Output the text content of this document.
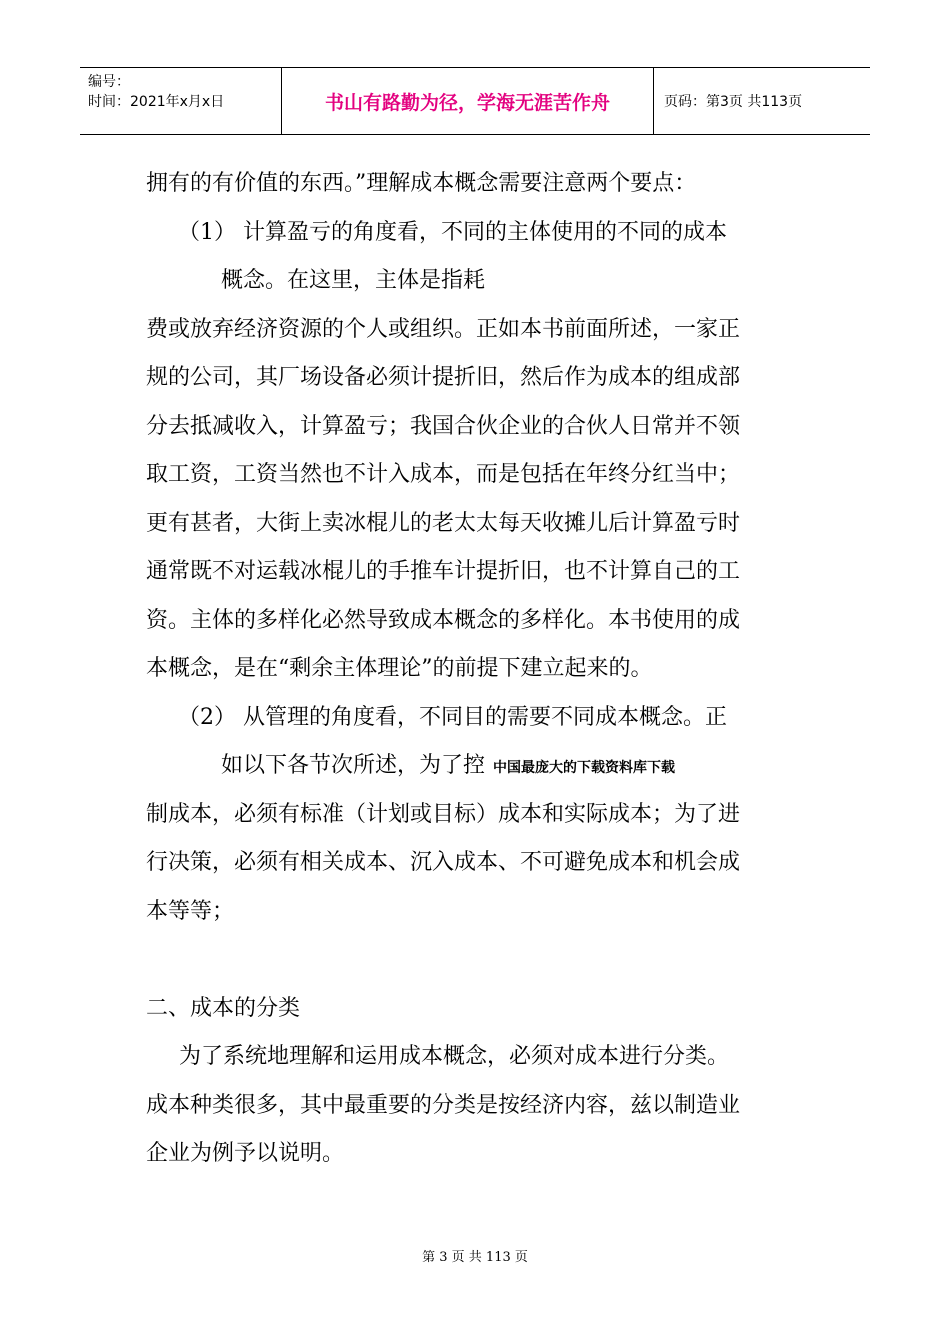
编号：
时间：2021年x月x日	书山有路勤为径，学海无涯苦作舟	页码：第3页 共113页
拥有的有价值的东西。”理解成本概念需要注意两个要点：
（1） 计算盈亏的角度看，不同的主体使用的不同的成本
概念。在这里，主体是指耗
费或放弃经济资源的个人或组织。正如本书前面所述，一家正
规的公司，其厂场设备必须计提折旧，然后作为成本的组成部
分去抵减收入，计算盈亏；我国合伙企业的合伙人日常并不领
取工资，工资当然也不计入成本，而是包括在年终分红当中；
更有甚者，大街上卖冰棍儿的老太太每天收摊儿后计算盈亏时
通常既不对运载冰棍儿的手推车计提折旧，也不计算自己的工
资。主体的多样化必然导致成本概念的多样化。本书使用的成
本概念，是在“剩余主体理论”的前提下建立起来的。
（2） 从管理的角度看，不同目的需要不同成本概念。正
如以下各节次所述，为了控 中国最庞大的下载资料库下载
制成本，必须有标准（计划或目标）成本和实际成本；为了进
行决策，必须有相关成本、沉入成本、不可避免成本和机会成
本等等；
二、成本的分类
为了系统地理解和运用成本概念，必须对成本进行分类。
成本种类很多，其中最重要的分类是按经济内容，兹以制造业
企业为例予以说明。
第 3 页 共 113 页
